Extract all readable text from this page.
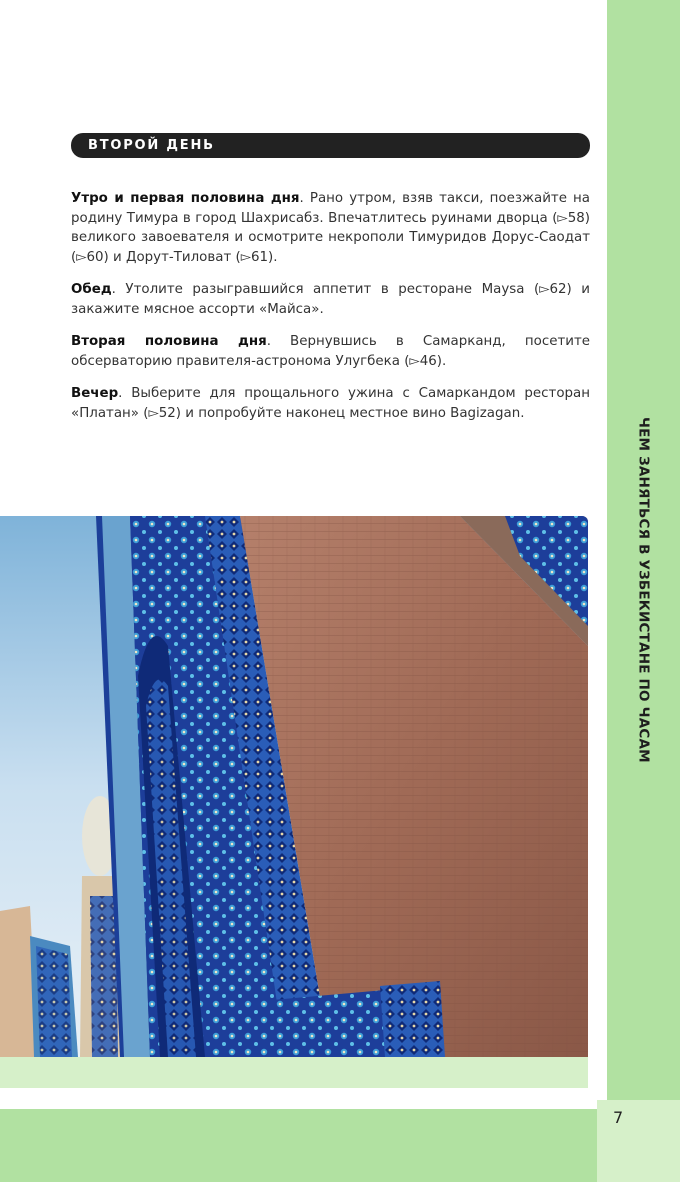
ЧЕМ ЗАНЯТЬСЯ В УЗБЕКИСТАНЕ ПО ЧАСАМ
ВТОРОЙ ДЕНЬ

Утро и первая половина дня. Рано утром, взяв такси, поезжайте на родину Тимура в город Шахрисабз. Впечатлитесь руинами дворца (▻58) великого завоевателя и осмотрите некрополи Тимуридов Дорус-Саодат (▻60) и Дорут-Тиловат (▻61).

Обед. Утолите разыгравшийся аппетит в ресторане Maysa (▻62) и закажите мясное ассорти «Майса».

Вторая половина дня. Вернувшись в Самарканд, посетите обсерваторию правителя-астронома Улугбека (▻46).

Вечер. Выберите для прощального ужина с Самаркандом ресторан «Платан» (▻52) и попробуйте наконец местное вино Bagizagan.

7
